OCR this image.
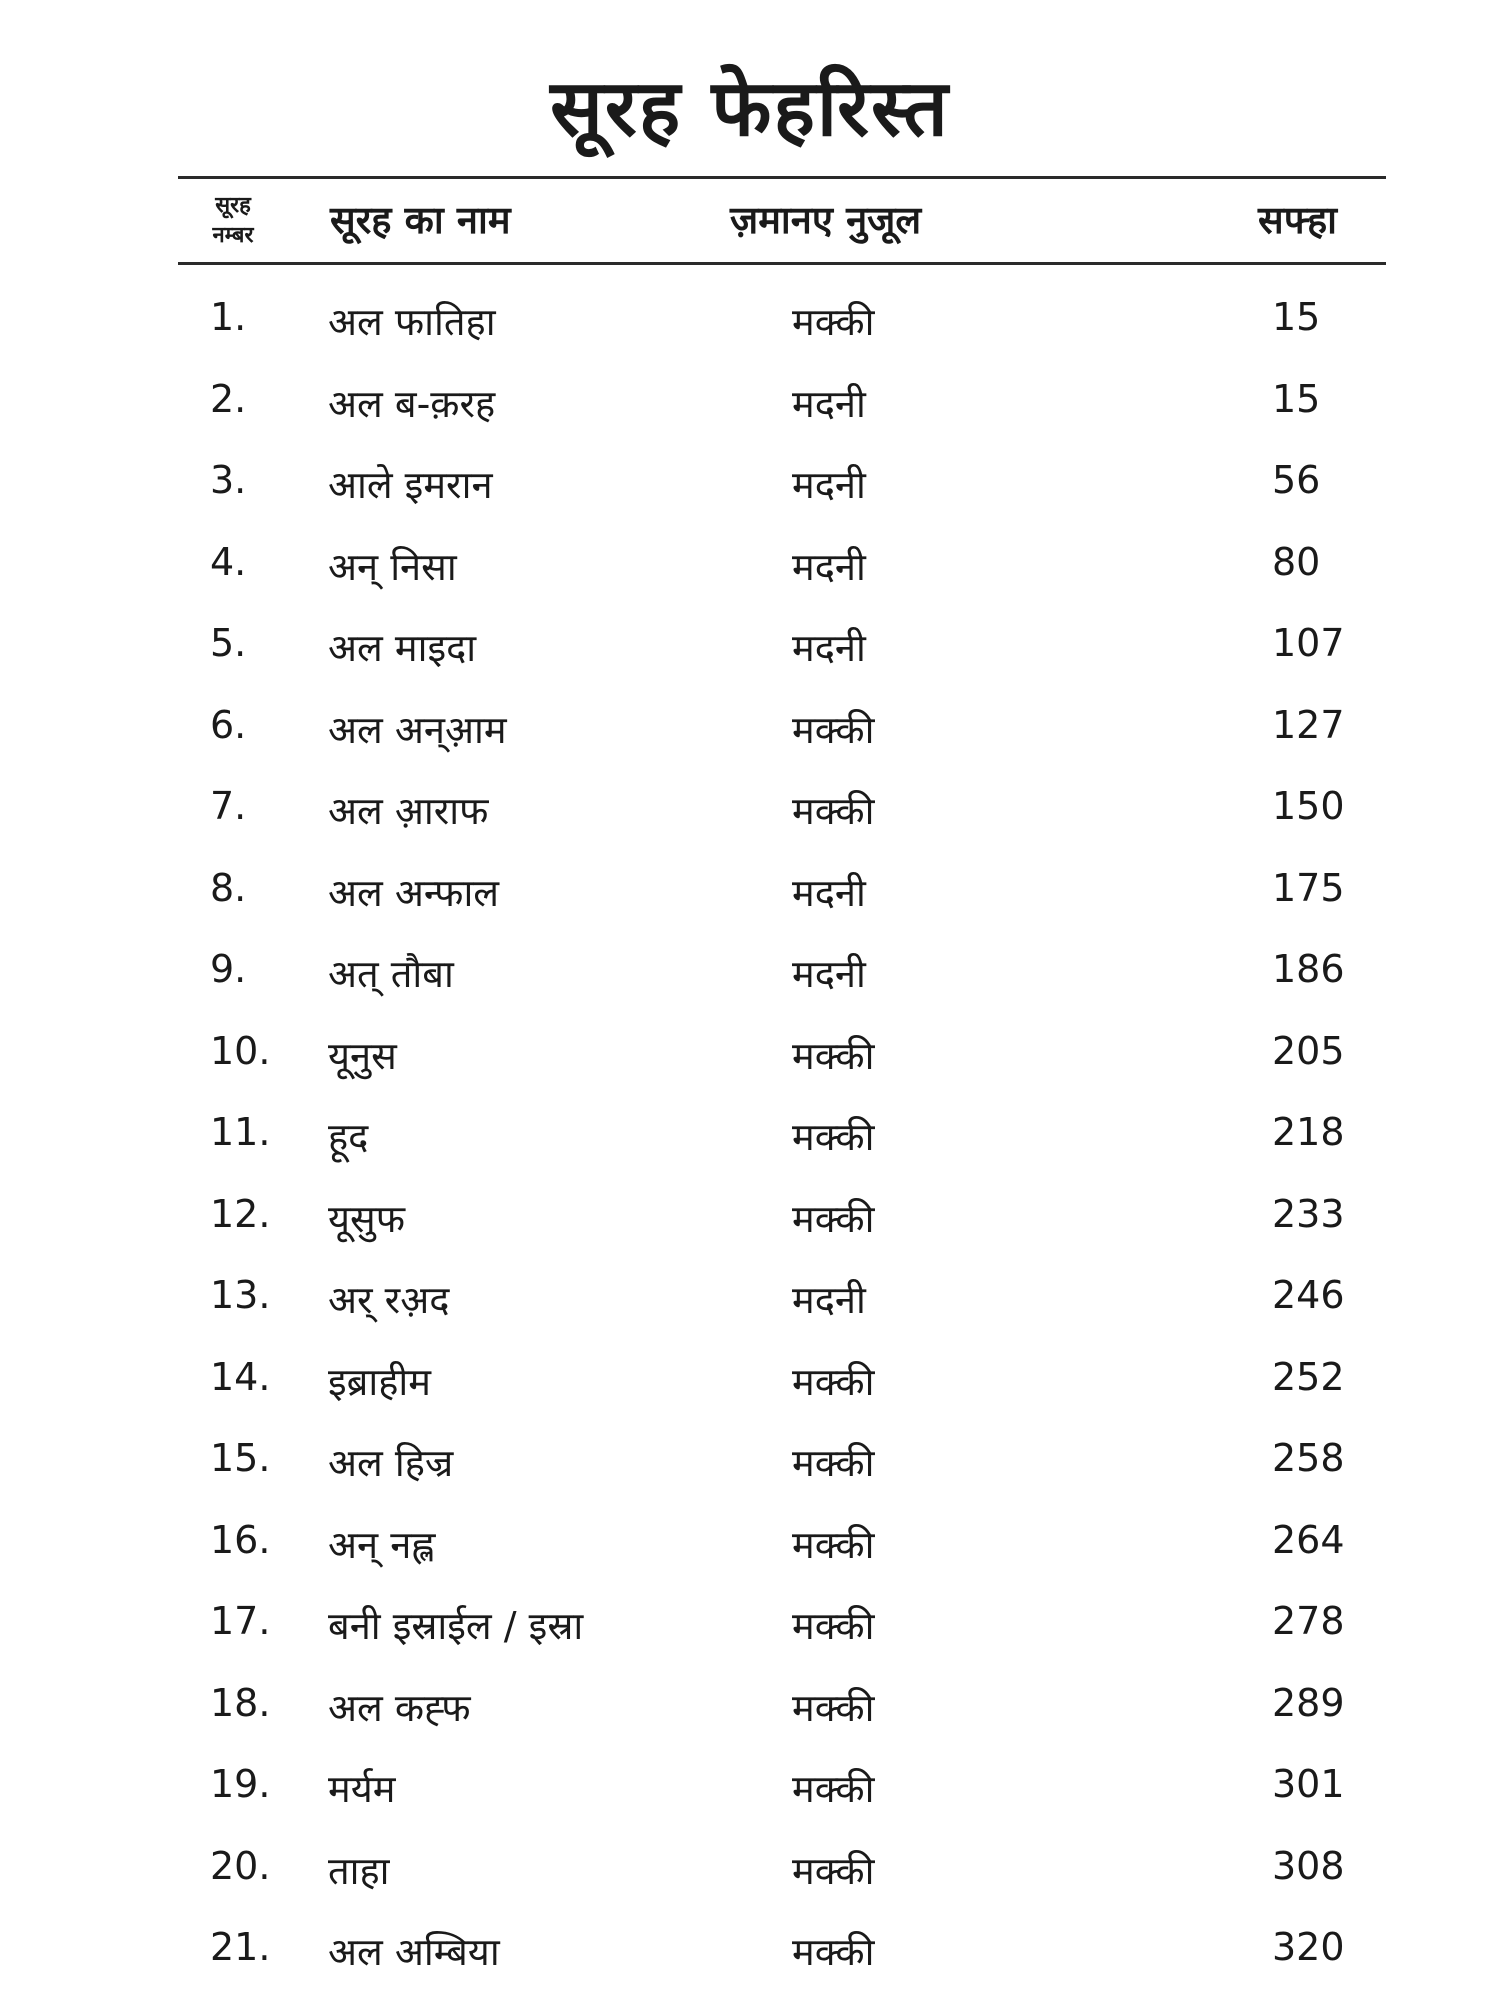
सूरह फेहरिस्त
सूरह
नम्बर	सूरह का नाम	ज़मानए नुजूल	सफ्हा
1. अल फातिहा	मक्की	15
2. अल ब-क़रह	मदनी	15
3. आले इमरान	मदनी	56
4. अन् निसा	मदनी	80
5. अल माइदा	मदनी	107
6. अल अन्आ़म	मक्की	127
7. अल आ़राफ	मक्की	150
8. अल अन्फाल	मदनी	175
9. अत् तौबा	मदनी	186
10. यूनुस	मक्की	205
11. हूद	मक्की	218
12. यूसुफ	मक्की	233
13. अर् रअ़द	मदनी	246
14. इब्राहीम	मक्की	252
15. अल हिज्र	मक्की	258
16. अन् नह्ल	मक्की	264
17. बनी इस्राईल / इस्रा	मक्की	278
18. अल कह्फ	मक्की	289
19. मर्यम	मक्की	301
20. ताहा	मक्की	308
21. अल अम्बिया	मक्की	320
